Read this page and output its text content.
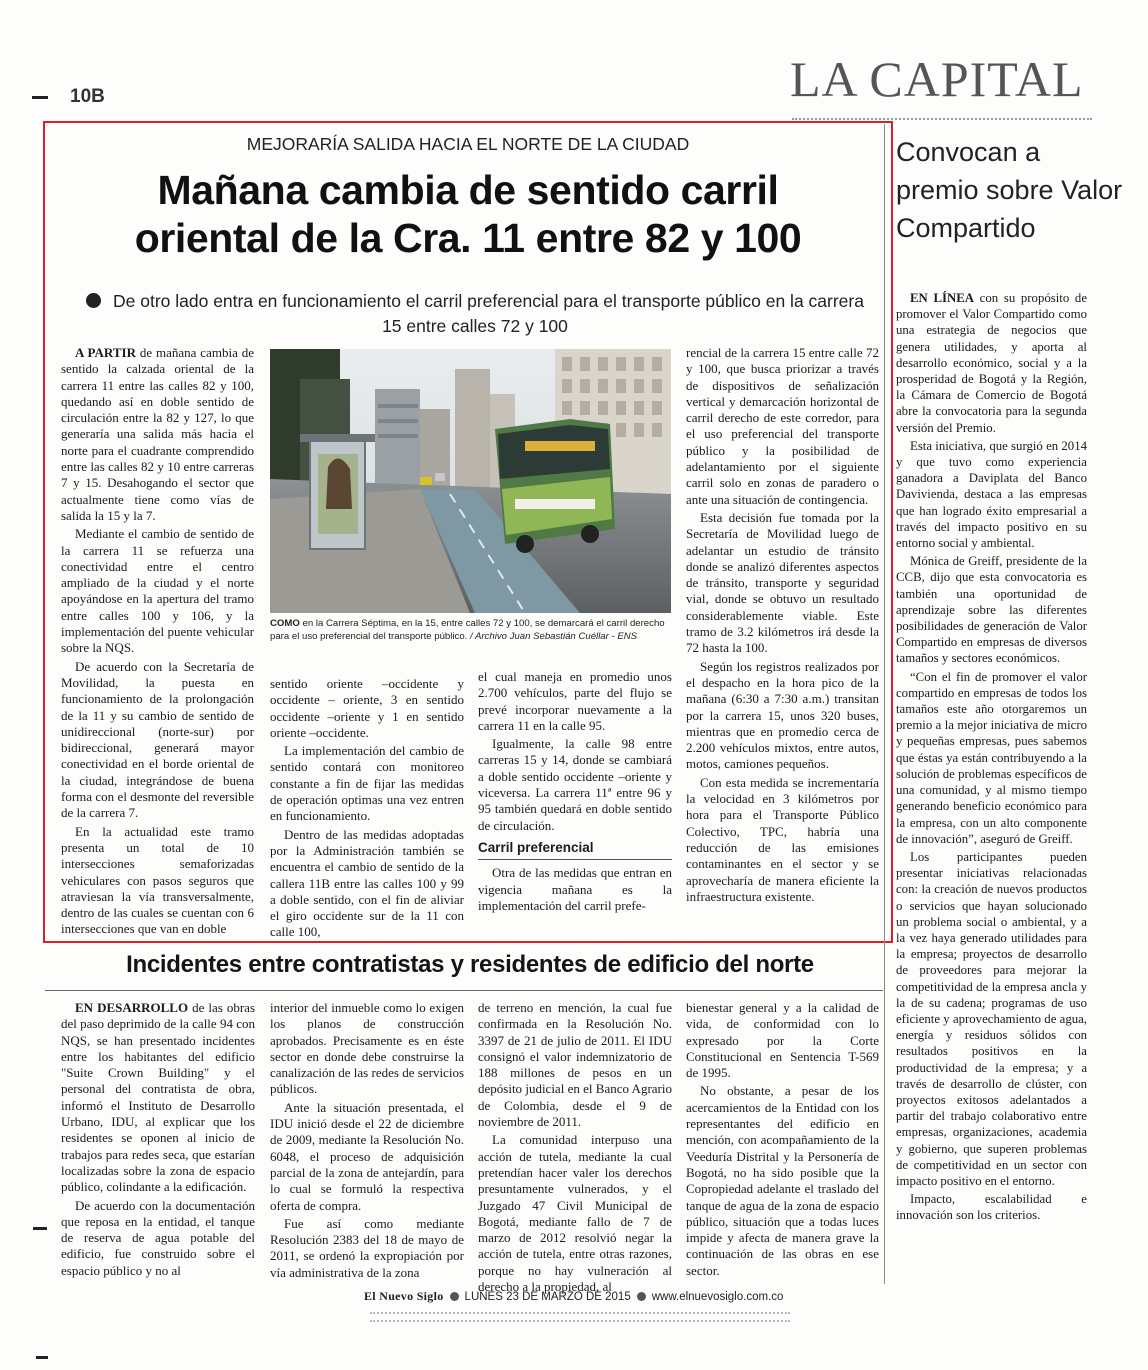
10B	LA CAPITAL
MEJORARÍA SALIDA HACIA EL NORTE DE LA CIUDAD
Mañana cambia de sentido carril
oriental de la Cra. 11 entre 82 y 100
De otro lado entra en funcionamiento el carril preferencial para el transporte público en la carrera 15 entre calles 72 y 100

A PARTIR de mañana cambia de sentido la calzada oriental de la carrera 11 entre las calles 82 y 100, quedando así en doble sentido de circulación entre la 82 y 127, lo que generaría una salida más hacia el norte para el cuadrante comprendido entre las calles 82 y 10 entre carreras 7 y 15. Desahogando el sector que actualmente tiene como vías de salida la 15 y la 7.

Mediante el cambio de sentido de la carrera 11 se refuerza una conectividad entre el centro ampliado de la ciudad y el norte apoyándose en la apertura del tramo entre calles 100 y 106, y la implementación del puente vehicular sobre la NQS.

De acuerdo con la Secretaría de Movilidad, la puesta en funcionamiento de la prolongación de la 11 y su cambio de sentido de unidireccional (norte-sur) por bidireccional, generará mayor conectividad en el borde oriental de la ciudad, integrándose de buena forma con el desmonte del reversible de la carrera 7.

En la actualidad este tramo presenta un total de 10 intersecciones semaforizadas vehiculares con pasos seguros que atraviesan la vía transversalmente, dentro de las cuales se cuentan con 6 intersecciones que van en doble

COMO en la Carrera Séptima, en la 15, entre calles 72 y 100, se demarcará el carril derecho para el uso preferencial del transporte público. / Archivo Juan Sebastián Cuéllar - ENS

sentido oriente –occidente y occidente – oriente, 3 en sentido occidente –oriente y 1 en sentido oriente –occidente.

La implementación del cambio de sentido contará con monitoreo constante a fin de fijar las medidas de operación optimas una vez entren en funcionamiento.

Dentro de las medidas adoptadas por la Administración también se encuentra el cambio de sentido de la callera 11B entre las calles 100 y 99 a doble sentido, con el fin de aliviar el giro occidente sur de la 11 con calle 100,

el cual maneja en promedio unos 2.700 vehículos, parte del flujo se prevé incorporar nuevamente a la carrera 11 en la calle 95.

Igualmente, la calle 98 entre carreras 15 y 14, donde se cambiará a doble sentido occidente –oriente y viceversa. La carrera 11ª entre 96 y 95 también quedará en doble sentido de circulación.

Carril preferencial

Otra de las medidas que entran en vigencia mañana es la implementación del carril prefe-

rencial de la carrera 15 entre calle 72 y 100, que busca priorizar a través de dispositivos de señalización vertical y demarcación horizontal de carril derecho de este corredor, para el uso preferencial del transporte público y la posibilidad de adelantamiento por el siguiente carril solo en zonas de paradero o ante una situación de contingencia.

Esta decisión fue tomada por la Secretaría de Movilidad luego de adelantar un estudio de tránsito donde se analizó diferentes aspectos de tránsito, transporte y seguridad vial, donde se obtuvo un resultado considerablemente viable. Este tramo de 3.2 kilómetros irá desde la 72 hasta la 100.

Según los registros realizados por el despacho en la hora pico de la mañana (6:30 a 7:30 a.m.) transitan por la carrera 15, unos 320 buses, mientras que en promedio cerca de 2.200 vehículos mixtos, entre autos, motos, camiones pequeños.

Con esta medida se incrementaría la velocidad en 3 kilómetros por hora para el Transporte Público Colectivo, TPC, habría una reducción de las emisiones contaminantes en el sector y se aprovecharía de manera eficiente la infraestructura existente.

Convocan a premio sobre Valor Compartido

EN LÍNEA con su propósito de promover el Valor Compartido como una estrategia de negocios que genera utilidades, y aporta al desarrollo económico, social y a la prosperidad de Bogotá y la Región, la Cámara de Comercio de Bogotá abre la convocatoria para la segunda versión del Premio.

Esta iniciativa, que surgió en 2014 y que tuvo como experiencia ganadora a Daviplata del Banco Davivienda, destaca a las empresas que han logrado éxito empresarial a través del impacto positivo en su entorno social y ambiental.

Mónica de Greiff, presidente de la CCB, dijo que esta convocatoria es también una oportunidad de aprendizaje sobre las diferentes posibilidades de generación de Valor Compartido en empresas de diversos tamaños y sectores económicos.

“Con el fin de promover el valor compartido en empresas de todos los tamaños este año otorgaremos un premio a la mejor iniciativa de micro y pequeñas empresas, pues sabemos que éstas ya están contribuyendo a la solución de problemas específicos de una comunidad, y al mismo tiempo generando beneficio económico para la empresa, con un alto componente de innovación”, aseguró de Greiff.

Los participantes pueden presentar iniciativas relacionadas con: la creación de nuevos productos o servicios que hayan solucionado un problema social o ambiental, y a la vez haya generado utilidades para la empresa; proyectos de desarrollo de proveedores para mejorar la competitividad de la empresa ancla y la de su cadena; programas de uso eficiente y aprovechamiento de agua, energía y residuos sólidos con resultados positivos en la productividad de la empresa; y a través de desarrollo de clúster, con proyectos exitosos adelantados a partir del trabajo colaborativo entre empresas, organizaciones, academia y gobierno, que superen problemas de competitividad en un sector con impacto positivo en el entorno.

Impacto, escalabilidad e innovación son los criterios.

Incidentes entre contratistas y residentes de edificio del norte

EN DESARROLLO de las obras del paso deprimido de la calle 94 con NQS, se han presentado incidentes entre los habitantes del edificio "Suite Crown Building" y el personal del contratista de obra, informó el Instituto de Desarrollo Urbano, IDU, al explicar que los residentes se oponen al inicio de trabajos para redes seca, que estarían localizadas sobre la zona de espacio público, colindante a la edificación.

De acuerdo con la documentación que reposa en la entidad, el tanque de reserva de agua potable del edificio, fue construido sobre el espacio público y no al

interior del inmueble como lo exigen los planos de construcción aprobados. Precisamente es en éste sector en donde debe construirse la canalización de las redes de servicios públicos.

Ante la situación presentada, el IDU inició desde el 22 de diciembre de 2009, mediante la Resolución No. 6048, el proceso de adquisición parcial de la zona de antejardín, para lo cual se formuló la respectiva oferta de compra.

Fue así como mediante Resolución 2383 del 18 de mayo de 2011, se ordenó la expropiación por vía administrativa de la zona

de terreno en mención, la cual fue confirmada en la Resolución No. 3397 de 21 de julio de 2011. El IDU consignó el valor indemnizatorio de 188 millones de pesos en un depósito judicial en el Banco Agrario de Colombia, desde el 9 de noviembre de 2011.

La comunidad interpuso una acción de tutela, mediante la cual pretendían hacer valer los derechos presuntamente vulnerados, y el Juzgado 47 Civil Municipal de Bogotá, mediante fallo de 7 de marzo de 2012 resolvió negar la acción de tutela, entre otras razones, porque no hay vulneración al derecho a la propiedad, al

bienestar general y a la calidad de vida, de conformidad con lo expresado por la Corte Constitucional en Sentencia T-569 de 1995.

No obstante, a pesar de los acercamientos de la Entidad con los representantes del edificio en mención, con acompañamiento de la Veeduría Distrital y la Personería de Bogotá, no ha sido posible que la Copropiedad adelante el traslado del tanque de agua de la zona de espacio público, situación que a todas luces impide y afecta de manera grave la continuación de las obras en ese sector.

El Nuevo Siglo LUNES 23 DE MARZO DE 2015 www.elnuevosiglo.com.co
